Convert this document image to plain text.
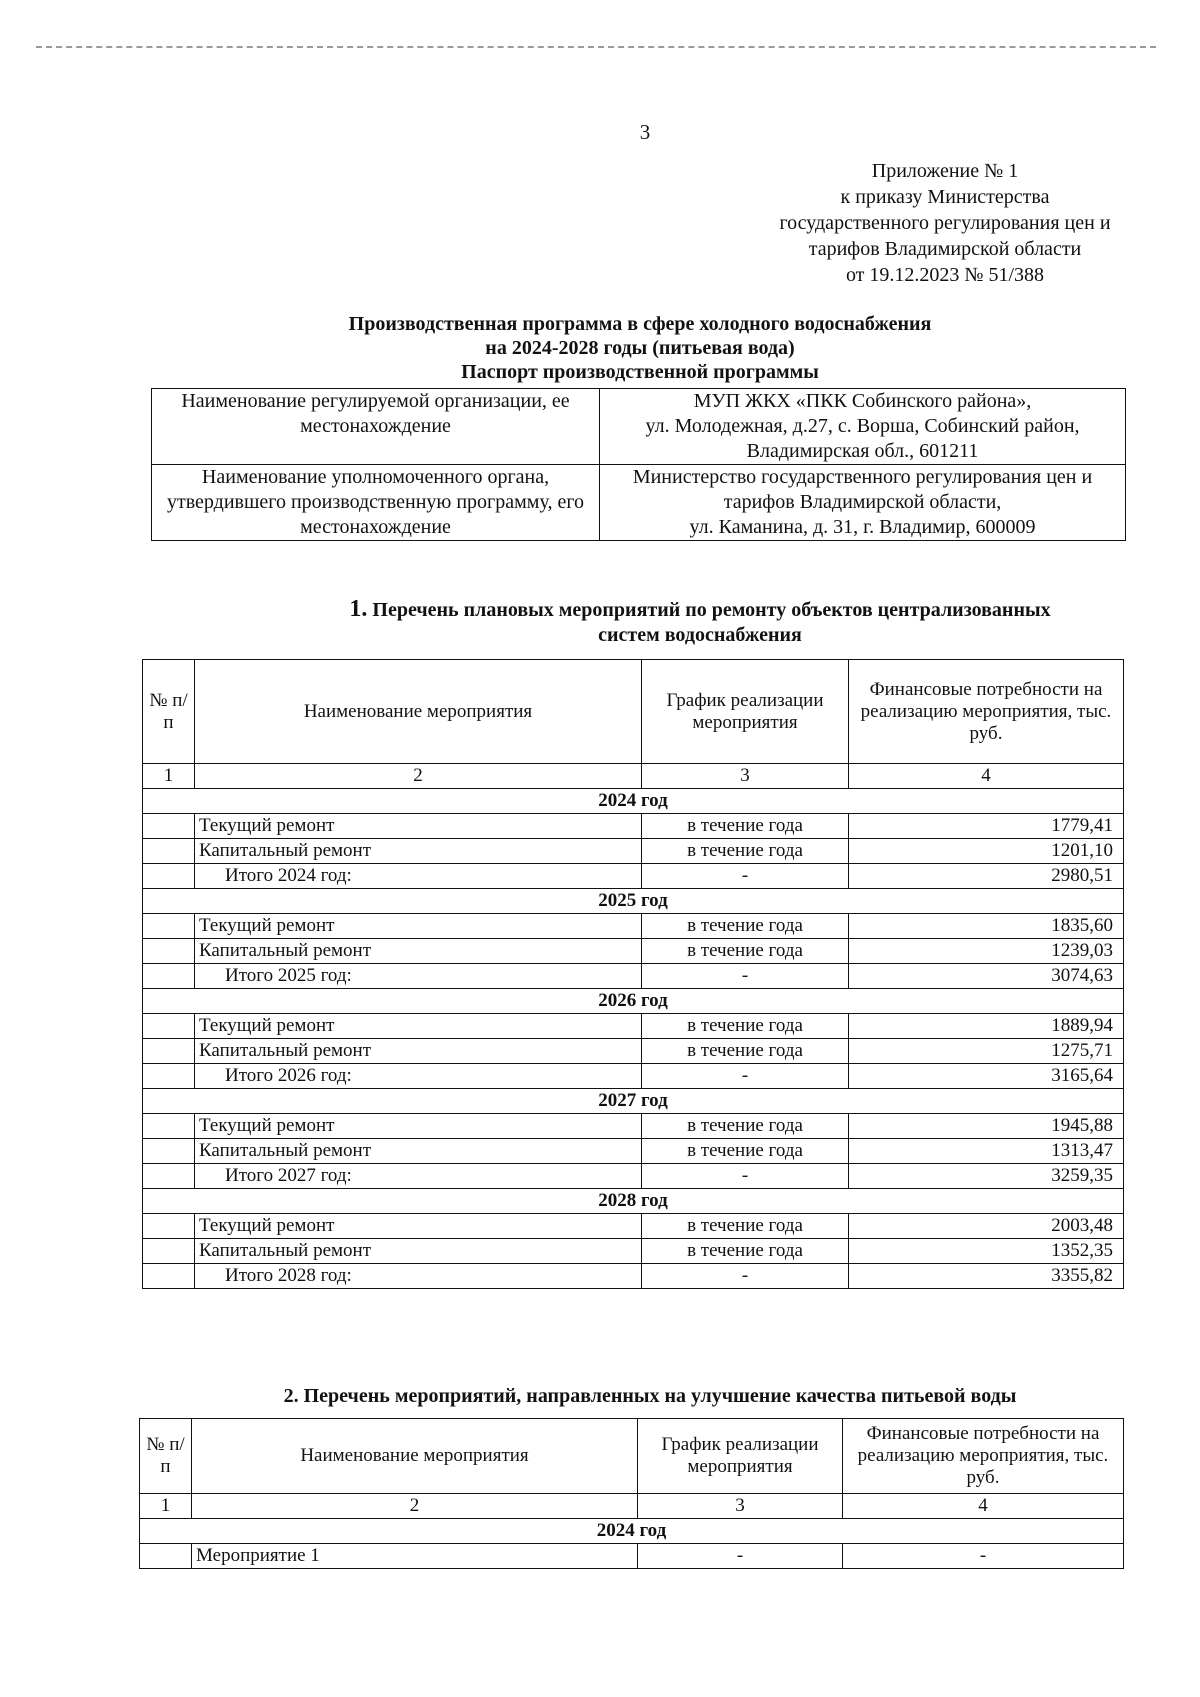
3
Приложение № 1
к приказу Министерства
государственного регулирования цен и
тарифов Владимирской области
от 19.12.2023 № 51/388
Производственная программа в сфере холодного водоснабжения
на 2024-2028 годы (питьевая вода)
Паспорт производственной программы
Наименование регулируемой организации, ее местонахождение	МУП ЖКХ «ПКК Собинского района»,
ул. Молодежная, д.27, с. Ворша, Собинский район,
Владимирская обл., 601211

Наименование уполномоченного органа, утвердившего производственную программу, его местонахождение	Министерство государственного регулирования цен и тарифов Владимирской области,
ул. Каманина, д. 31, г. Владимир, 600009
1. Перечень плановых мероприятий по ремонту объектов централизованных
систем водоснабжения
№ п/п	Наименование мероприятия	График реализации мероприятия	Финансовые потребности на реализацию мероприятия, тыс. руб.
1	2	3	4
2024 год			
	Текущий ремонт	в течение года	1779,41
	Капитальный ремонт	в течение года	1201,10
	Итого 2024 год:	-	2980,51
2025 год			
	Текущий ремонт	в течение года	1835,60
	Капитальный ремонт	в течение года	1239,03
	Итого 2025 год:	-	3074,63
2026 год			
	Текущий ремонт	в течение года	1889,94
	Капитальный ремонт	в течение года	1275,71
	Итого 2026 год:	-	3165,64
2027 год			
	Текущий ремонт	в течение года	1945,88
	Капитальный ремонт	в течение года	1313,47
	Итого 2027 год:	-	3259,35
2028 год			
	Текущий ремонт	в течение года	2003,48
	Капитальный ремонт	в течение года	1352,35
	Итого 2028 год:	-	3355,82
2. Перечень мероприятий, направленных на улучшение качества питьевой воды
№ п/п	Наименование мероприятия	График реализации мероприятия	Финансовые потребности на реализацию мероприятия, тыс. руб.
1	2	3	4
2024 год			
	Мероприятие 1	-	-
